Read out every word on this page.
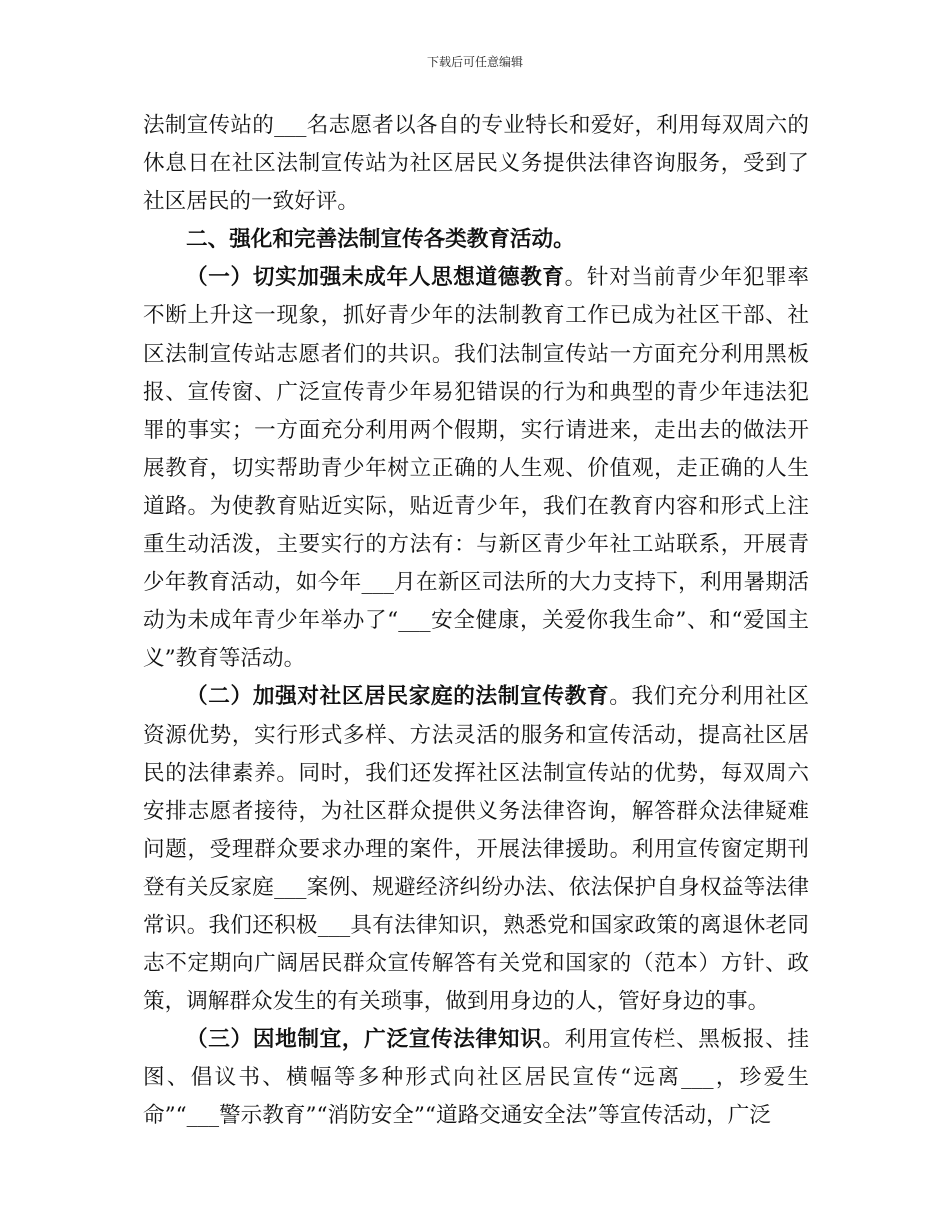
下载后可任意编辑

法制宣传站的___名志愿者以各自的专业特长和爱好，利用每双周六的休息日在社区法制宣传站为社区居民义务提供法律咨询服务，受到了社区居民的一致好评。

二、强化和完善法制宣传各类教育活动。

（一）切实加强未成年人思想道德教育。针对当前青少年犯罪率不断上升这一现象，抓好青少年的法制教育工作已成为社区干部、社区法制宣传站志愿者们的共识。我们法制宣传站一方面充分利用黑板报、宣传窗、广泛宣传青少年易犯错误的行为和典型的青少年违法犯罪的事实；一方面充分利用两个假期，实行请进来，走出去的做法开展教育，切实帮助青少年树立正确的人生观、价值观，走正确的人生道路。为使教育贴近实际，贴近青少年，我们在教育内容和形式上注重生动活泼，主要实行的方法有：与新区青少年社工站联系，开展青少年教育活动，如今年___月在新区司法所的大力支持下，利用暑期活动为未成年青少年举办了“___安全健康，关爱你我生命”、和“爱国主义”教育等活动。

（二）加强对社区居民家庭的法制宣传教育。我们充分利用社区资源优势，实行形式多样、方法灵活的服务和宣传活动，提高社区居民的法律素养。同时，我们还发挥社区法制宣传站的优势，每双周六安排志愿者接待，为社区群众提供义务法律咨询，解答群众法律疑难问题，受理群众要求办理的案件，开展法律援助。利用宣传窗定期刊登有关反家庭___案例、规避经济纠纷办法、依法保护自身权益等法律常识。我们还积极___具有法律知识，熟悉党和国家政策的离退休老同志不定期向广阔居民群众宣传解答有关党和国家的（范本）方针、政策，调解群众发生的有关琐事，做到用身边的人，管好身边的事。

（三）因地制宜，广泛宣传法律知识。利用宣传栏、黑板报、挂图、倡议书、横幅等多种形式向社区居民宣传“远离___，珍爱生命”“___警示教育”“消防安全”“道路交通安全法”等宣传活动，广泛
